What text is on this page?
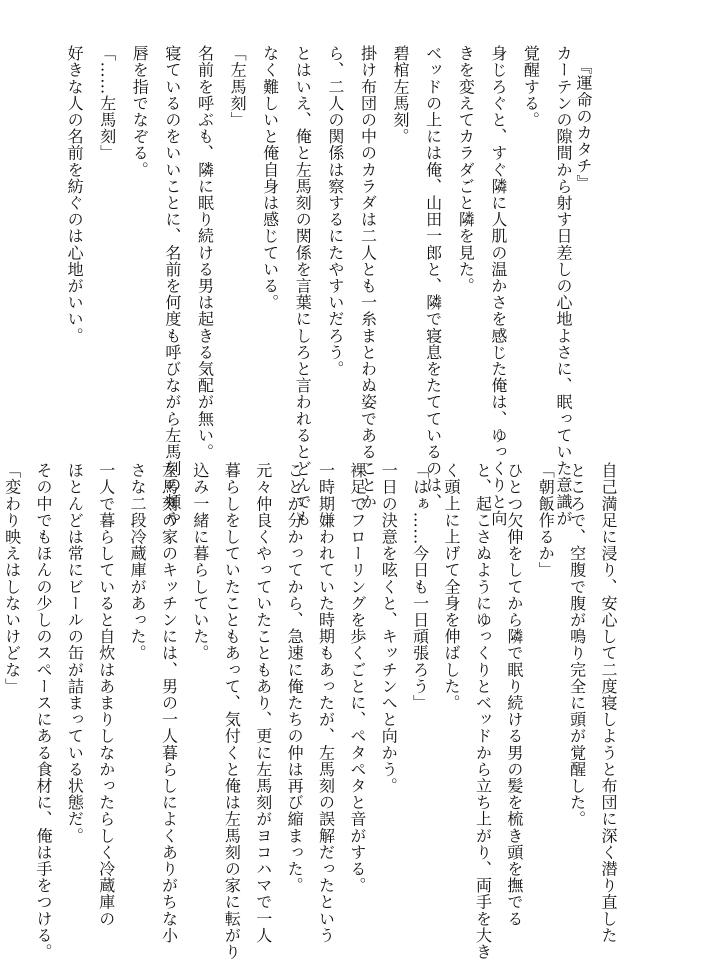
『運命のカタチ』
カーテンの隙間から射す日差しの心地よさに、眠っていた意識が
覚醒する。
身じろぐと、すぐ隣に人肌の温かさを感じた俺は、ゆっくりと向
きを変えてカラダごと隣を見た。
ベッドの上には俺、山田一郎と、隣で寝息をたてているのは、
碧棺左馬刻。
掛け布団の中のカラダは二人とも一糸まとわぬ姿であることか
ら、二人の関係は察するにたやすいだろう。
とはいえ、俺と左馬刻の関係を言葉にしろと言われるとどんでも
なく難しいと俺自身は感じている。
「左馬刻」
名前を呼ぶも、隣に眠り続ける男は起きる気配が無い。
寝ているのをいいことに、名前を何度も呼びながら左馬刻の頬や
唇を指でなぞる。
「……左馬刻」
好きな人の名前を紡ぐのは心地がいい。
自己満足に浸り、安心して二度寝しようと布団に深く潜り直した
ところで、空腹で腹が鳴り完全に頭が覚醒した。
「朝飯作るか」
ひとつ欠伸をしてから隣で眠り続ける男の髪を梳き頭を撫でる
と、起こさぬようにゆっくりとベッドから立ち上がり、両手を大き
く頭上に上げて全身を伸ばした。
「はぁ……今日も一日頑張ろう」
一日の決意を呟くと、キッチンへと向かう。
裸足でフローリングを歩くごとに、ペタペタと音がする。
一時期嫌われていた時期もあったが、左馬刻の誤解だったという
ことが分かってから、急速に俺たちの仲は再び縮まった。
元々仲良くやっていたこともあり、更に左馬刻がヨコハマで一人
暮らしをしていたこともあって、気付くと俺は左馬刻の家に転がり
込み一緒に暮らしていた。
左馬刻の家のキッチンには、男の一人暮らしによくありがちな小
さな二段冷蔵庫があった。
一人で暮らしていると自炊はあまりしなかったらしく冷蔵庫の
ほとんどは常にビールの缶が詰まっている状態だ。
その中でもほんの少しのスペースにある食材に、俺は手をつける。
「変わり映えはしないけどな」
